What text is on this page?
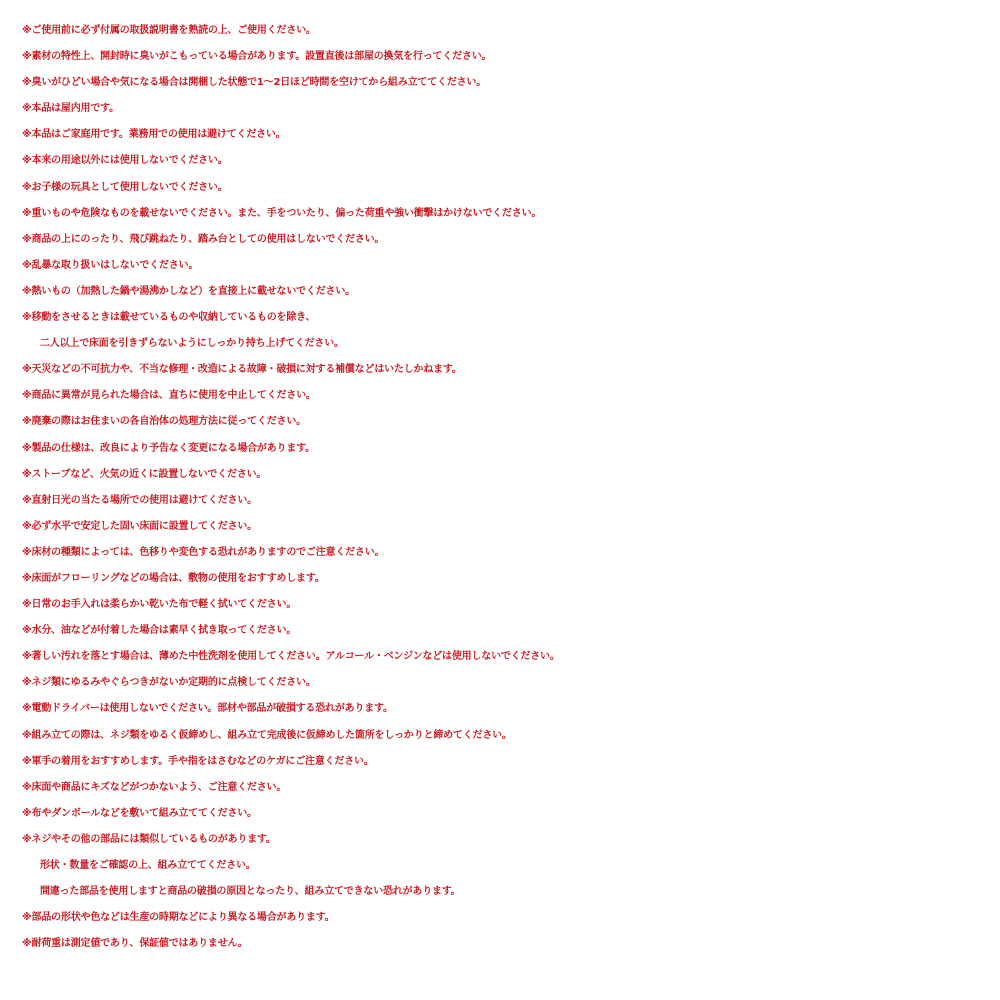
※ご使用前に必ず付属の取扱説明書を熟読の上、ご使用ください。
※素材の特性上、開封時に臭いがこもっている場合があります。設置直後は部屋の換気を行ってください。
※臭いがひどい場合や気になる場合は開梱した状態で1～2日ほど時間を空けてから組み立ててください。
※本品は屋内用です。
※本品はご家庭用です。業務用での使用は避けてください。
※本来の用途以外には使用しないでください。
※お子様の玩具として使用しないでください。
※重いものや危険なものを載せないでください。また、手をついたり、偏った荷重や強い衝撃はかけないでください。
※商品の上にのったり、飛び跳ねたり、踏み台としての使用はしないでください。
※乱暴な取り扱いはしないでください。
※熱いもの（加熱した鍋や湯沸かしなど）を直接上に載せないでください。
※移動をさせるときは載せているものや収納しているものを除き、
二人以上で床面を引きずらないようにしっかり持ち上げてください。
※天災などの不可抗力や、不当な修理・改造による故障・破損に対する補償などはいたしかねます。
※商品に異常が見られた場合は、直ちに使用を中止してください。
※廃棄の際はお住まいの各自治体の処理方法に従ってください。
※製品の仕様は、改良により予告なく変更になる場合があります。
※ストーブなど、火気の近くに設置しないでください。
※直射日光の当たる場所での使用は避けてください。
※必ず水平で安定した固い床面に設置してください。
※床材の種類によっては、色移りや変色する恐れがありますのでご注意ください。
※床面がフローリングなどの場合は、敷物の使用をおすすめします。
※日常のお手入れは柔らかい乾いた布で軽く拭いてください。
※水分、油などが付着した場合は素早く拭き取ってください。
※著しい汚れを落とす場合は、薄めた中性洗剤を使用してください。アルコール・ベンジンなどは使用しないでください。
※ネジ類にゆるみやぐらつきがないか定期的に点検してください。
※電動ドライバーは使用しないでください。部材や部品が破損する恐れがあります。
※組み立ての際は、ネジ類をゆるく仮締めし、組み立て完成後に仮締めした箇所をしっかりと締めてください。
※軍手の着用をおすすめします。手や指をはさむなどのケガにご注意ください。
※床面や商品にキズなどがつかないよう、ご注意ください。
※布やダンボールなどを敷いて組み立ててください。
※ネジやその他の部品には類似しているものがあります。
形状・数量をご確認の上、組み立ててください。
間違った部品を使用しますと商品の破損の原因となったり、組み立てできない恐れがあります。
※部品の形状や色などは生産の時期などにより異なる場合があります。
※耐荷重は測定値であり、保証値ではありません。
